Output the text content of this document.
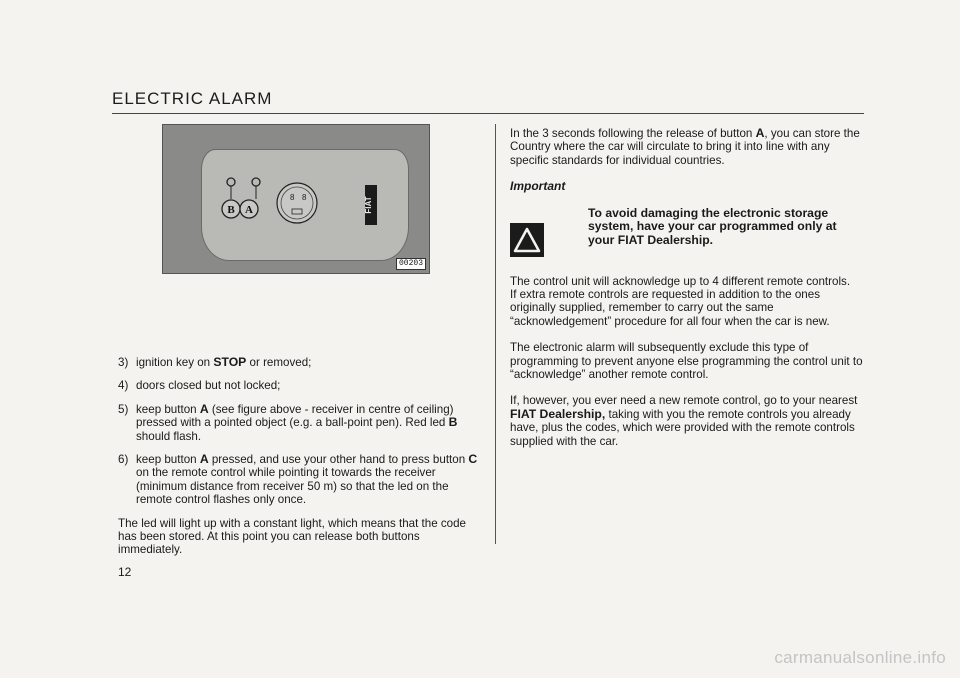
ELECTRIC ALARM
B A
8 8	FIAT
00203
3) ignition key on STOP or removed;
4) doors closed but not locked;
5) keep button A (see figure above - receiver in centre of ceiling) pressed with a pointed object (e.g. a ball-point pen). Red led B should flash.
6) keep button A pressed, and use your other hand to press button C on the remote control while pointing it towards the receiver (minimum distance from receiver 50 m) so that the led on the remote control flashes only once.

The led will light up with a constant light, which means that the code has been stored. At this point you can release both buttons immediately.

12

In the 3 seconds following the release of button A, you can store the Country where the car will circulate to bring it into line with any specific standards for individual countries.

Important

To avoid damaging the electronic storage system, have your car programmed only at your FIAT Dealership.

The control unit will acknowledge up to 4 different remote controls.

If extra remote controls are requested in addition to the ones originally supplied, remember to carry out the same “acknowledgement” procedure for all four when the car is new.

The electronic alarm will subsequently exclude this type of programming to prevent anyone else programming the control unit to “acknowledge” another remote control.

If, however, you ever need a new remote control, go to your nearest FIAT Dealership, taking with you the remote controls you already have, plus the codes, which were provided with the remote controls supplied with the car.

carmanualsonline.info
